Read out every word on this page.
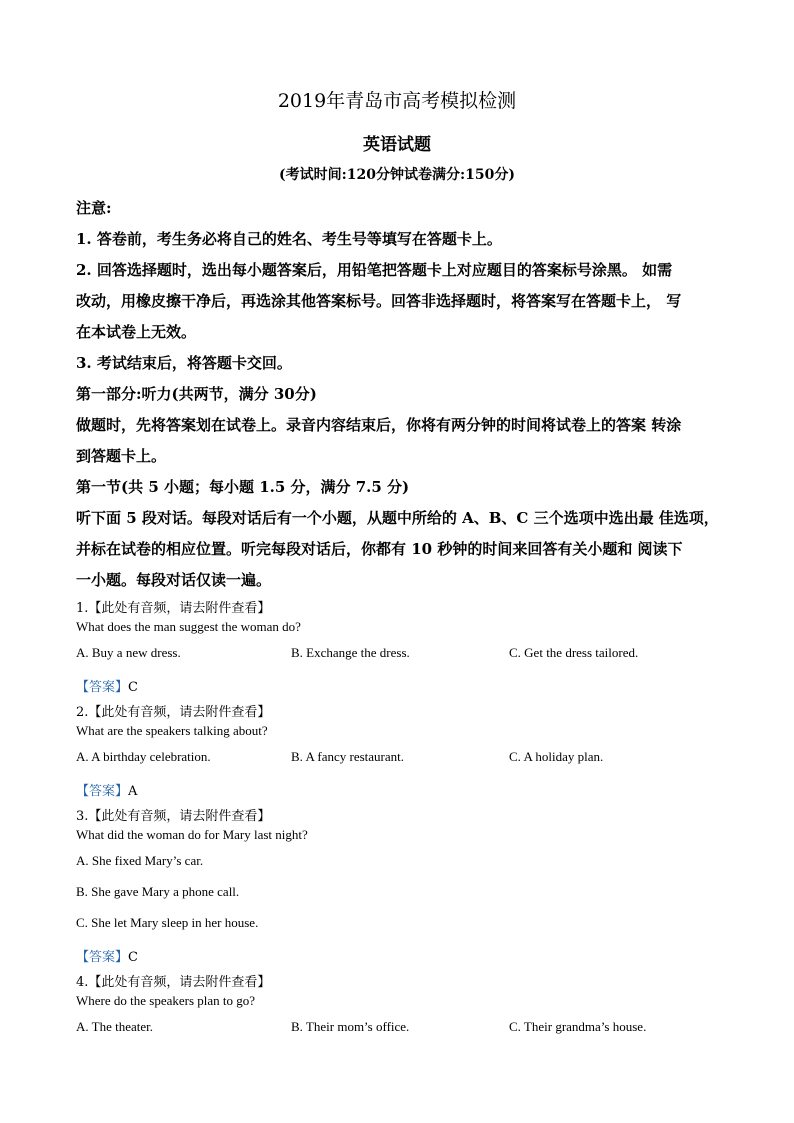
2019年青岛市高考模拟检测
英语试题
(考试时间:120分钟试卷满分:150分)
注意:
1. 答卷前，考生务必将自己的姓名、考生号等填写在答题卡上。
2. 回答选择题时，选出每小题答案后，用铅笔把答题卡上对应题目的答案标号涂黑。 如需
改动，用橡皮擦干净后，再选涂其他答案标号。回答非选择题时，将答案写在答题卡上， 写
在本试卷上无效。
3. 考试结束后，将答题卡交回。
第一部分:听力(共两节，满分 30分)
做题时，先将答案划在试卷上。录音内容结束后，你将有两分钟的时间将试卷上的答案 转涂
到答题卡上。
第一节(共 5 小题；每小题 1.5 分，满分 7.5 分)
听下面 5 段对话。每段对话后有一个小题，从题中所给的 A、B、C 三个选项中选出最 佳选项，
并标在试卷的相应位置。听完每段对话后，你都有 10 秒钟的时间来回答有关小题和 阅读下
一小题。每段对话仅读一遍。
1.【此处有音频，请去附件查看】
What does the man suggest the woman do?
A. Buy a new dress.	B. Exchange the dress.	C. Get the dress tailored.
【答案】C
2.【此处有音频，请去附件查看】
What are the speakers talking about?
A. A birthday celebration.	B. A fancy restaurant.	C. A holiday plan.
【答案】A
3.【此处有音频，请去附件查看】
What did the woman do for Mary last night?
A. She fixed Mary’s car.
B. She gave Mary a phone call.
C. She let Mary sleep in her house.
【答案】C
4.【此处有音频，请去附件查看】
Where do the speakers plan to go?
A. The theater.	B. Their mom’s office.	C. Their grandma’s house.
